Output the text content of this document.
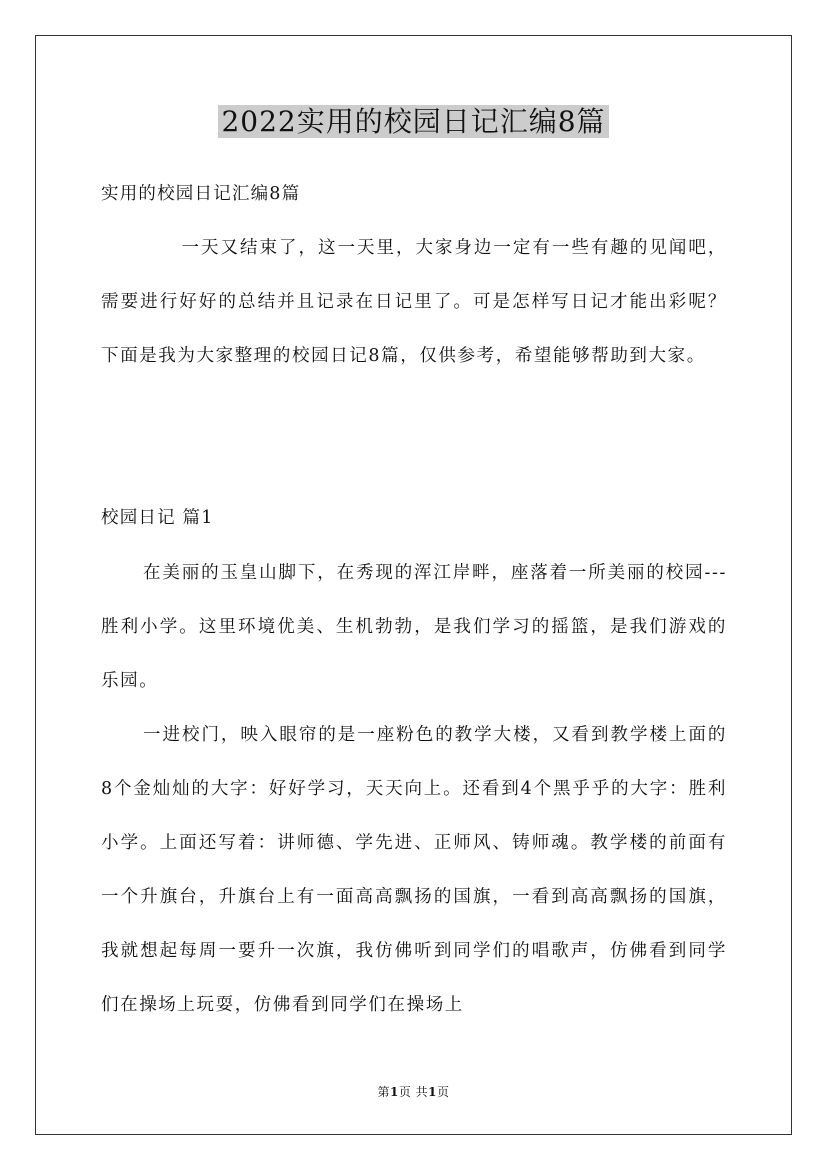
2022实用的校园日记汇编8篇
实用的校园日记汇编8篇

一天又结束了，这一天里，大家身边一定有一些有趣的见闻吧，需要进行好好的总结并且记录在日记里了。可是怎样写日记才能出彩呢？下面是我为大家整理的校园日记8篇，仅供参考，希望能够帮助到大家。

校园日记 篇1

在美丽的玉皇山脚下，在秀现的浑江岸畔，座落着一所美丽的校园---胜利小学。这里环境优美、生机勃勃，是我们学习的摇篮，是我们游戏的乐园。

一进校门，映入眼帘的是一座粉色的教学大楼，又看到教学楼上面的8个金灿灿的大字：好好学习，天天向上。还看到4个黑乎乎的大字：胜利小学。上面还写着：讲师德、学先进、正师风、铸师魂。教学楼的前面有一个升旗台，升旗台上有一面高高飘扬的国旗，一看到高高飘扬的国旗，我就想起每周一要升一次旗，我仿佛听到同学们的唱歌声，仿佛看到同学们在操场上玩耍，仿佛看到同学们在操场上

第1页 共1页
